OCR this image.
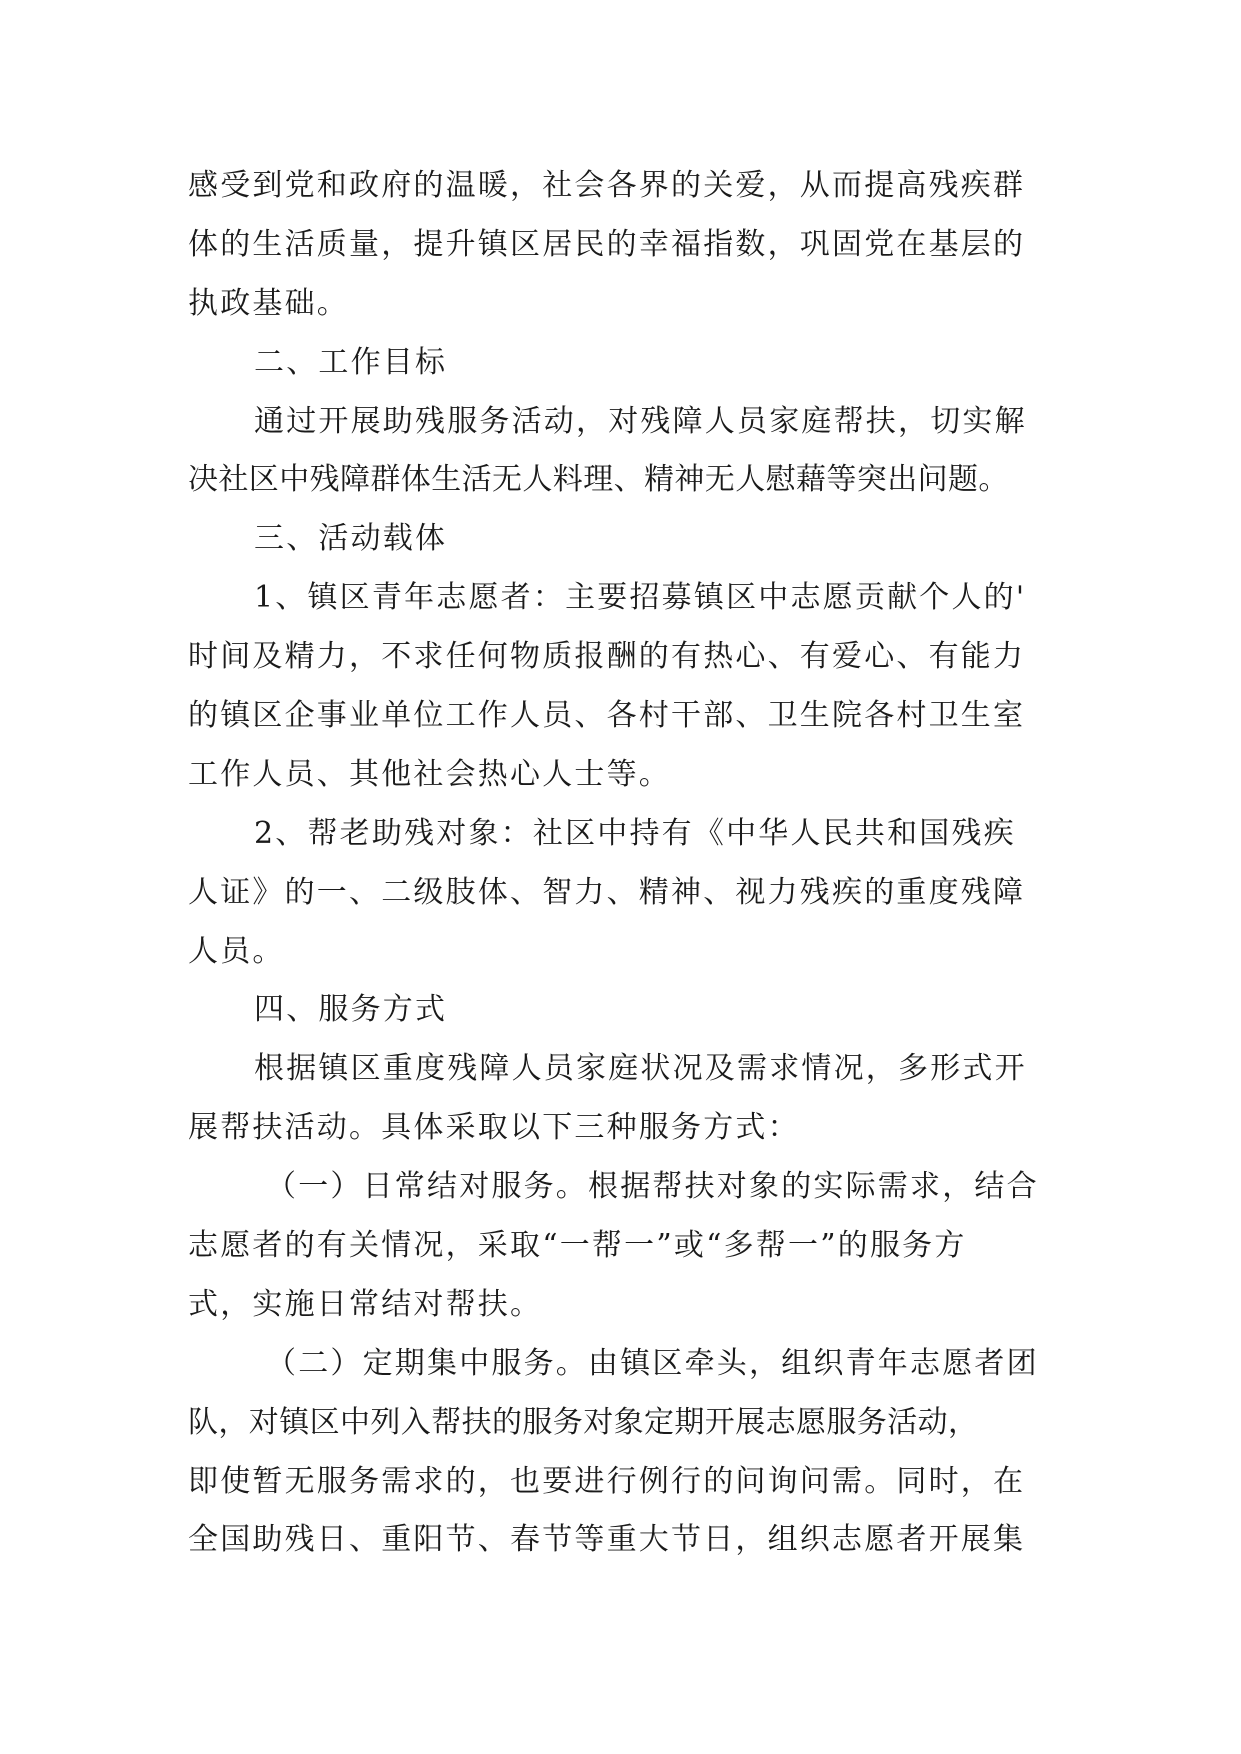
感受到党和政府的温暖，社会各界的关爱，从而提高残疾群
体的生活质量，提升镇区居民的幸福指数，巩固党在基层的
执政基础。
二、工作目标
通过开展助残服务活动，对残障人员家庭帮扶，切实解
决社区中残障群体生活无人料理、精神无人慰藉等突出问题。
三、活动载体
1、镇区青年志愿者：主要招募镇区中志愿贡献个人的'
时间及精力，不求任何物质报酬的有热心、有爱心、有能力
的镇区企事业单位工作人员、各村干部、卫生院各村卫生室
工作人员、其他社会热心人士等。
2、帮老助残对象：社区中持有《中华人民共和国残疾
人证》的一、二级肢体、智力、精神、视力残疾的重度残障
人员。
四、服务方式
根据镇区重度残障人员家庭状况及需求情况，多形式开
展帮扶活动。具体采取以下三种服务方式：
（一）日常结对服务。根据帮扶对象的实际需求，结合
志愿者的有关情况，采取“一帮一”或“多帮一”的服务方
式，实施日常结对帮扶。
（二）定期集中服务。由镇区牵头，组织青年志愿者团
队，对镇区中列入帮扶的服务对象定期开展志愿服务活动，
即使暂无服务需求的，也要进行例行的问询问需。同时，在
全国助残日、重阳节、春节等重大节日，组织志愿者开展集
